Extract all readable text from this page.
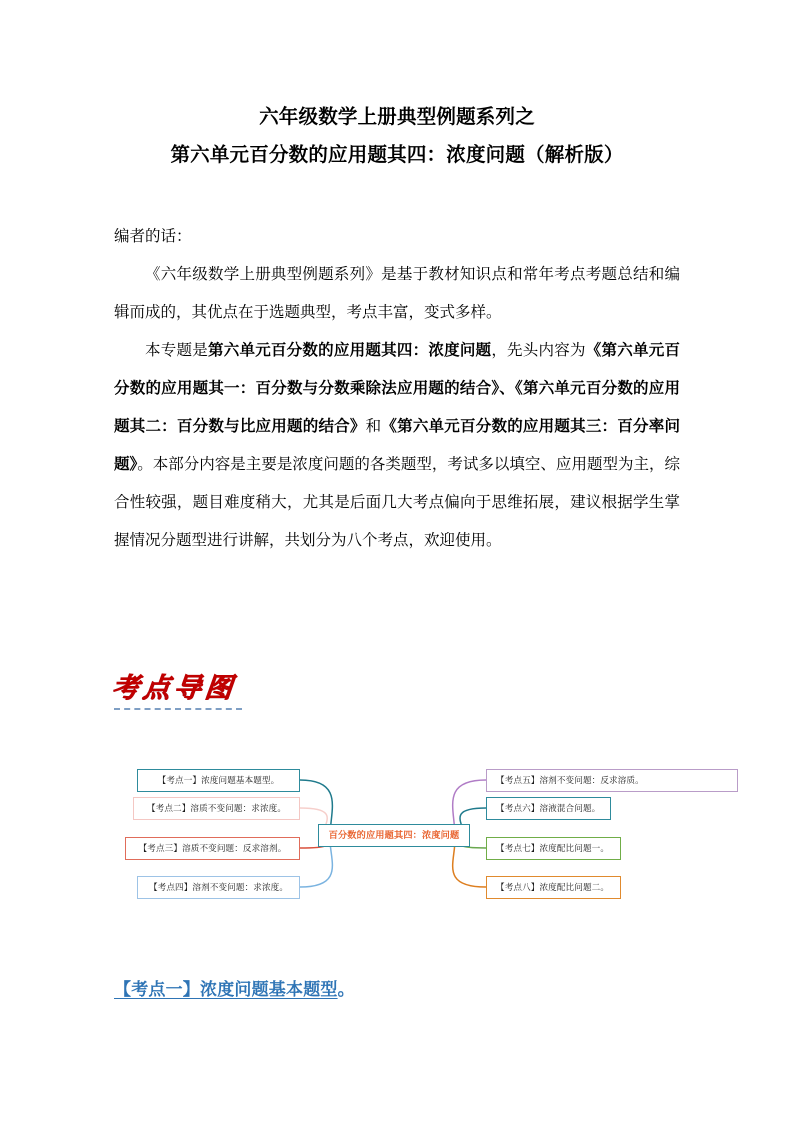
六年级数学上册典型例题系列之
第六单元百分数的应用题其四：浓度问题（解析版）

编者的话：

《六年级数学上册典型例题系列》是基于教材知识点和常年考点考题总结和编辑而成的，其优点在于选题典型，考点丰富，变式多样。

本专题是第六单元百分数的应用题其四：浓度问题，先头内容为《第六单元百分数的应用题其一：百分数与分数乘除法应用题的结合》、《第六单元百分数的应用题其二：百分数与比应用题的结合》和《第六单元百分数的应用题其三：百分率问题》。本部分内容是主要是浓度问题的各类题型，考试多以填空、应用题型为主，综合性较强，题目难度稍大，尤其是后面几大考点偏向于思维拓展，建议根据学生掌握情况分题型进行讲解，共划分为八个考点，欢迎使用。

考点导图
【考点一】浓度问题基本题型。
【考点二】溶质不变问题：求浓度。
【考点三】溶质不变问题：反求溶剂。
【考点四】溶剂不变问题：求浓度。
百分数的应用题其四：浓度问题
【考点五】溶剂不变问题：反求溶质。
【考点六】溶液混合问题。
【考点七】浓度配比问题一。
【考点八】浓度配比问题二。
【考点一】浓度问题基本题型。
